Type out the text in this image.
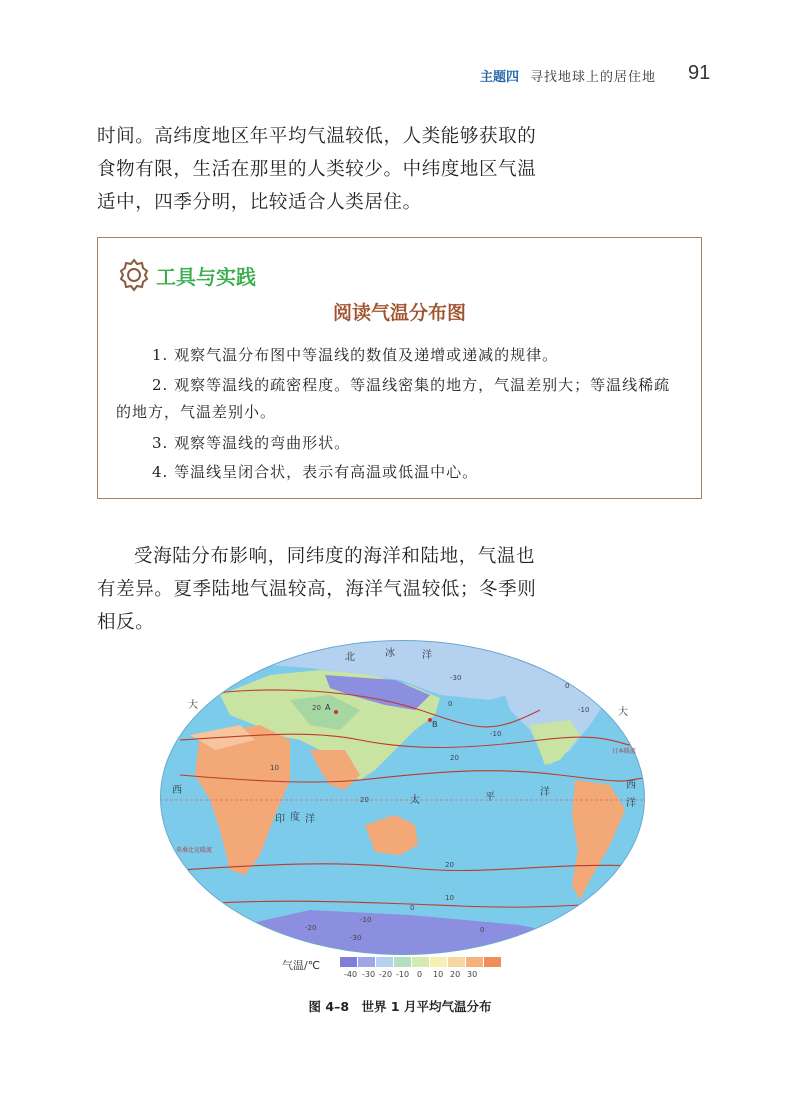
主题四 寻找地球上的居住地 91

时间。高纬度地区年平均气温较低，人类能够获取的食物有限，生活在那里的人类较少。中纬度地区气温适中，四季分明，比较适合人类居住。

工具与实践
阅读气温分布图

1. 观察气温分布图中等温线的数值及递增或递减的规律。

2. 观察等温线的疏密程度。等温线密集的地方，气温差别大；等温线稀疏的地方，气温差别小。

3. 观察等温线的弯曲形状。

4. 等温线呈闭合状，表示有高温或低温中心。

受海陆分布影响，同纬度的海洋和陆地，气温也有差异。夏季陆地气温较高，海洋气温较低；冬季则相反。

北	冰	洋
太	平	洋
印 度 洋
大
西
大
西
洋
日本暖流
莫桑比克暖流
A
B
-30
20	0
-10
20
0
-10
10
20
20
10
0
-10
0
-20
-30
气温/℃
-40 -30 -20 -10 0 10 20 30
图 4–8　世界 1 月平均气温分布
